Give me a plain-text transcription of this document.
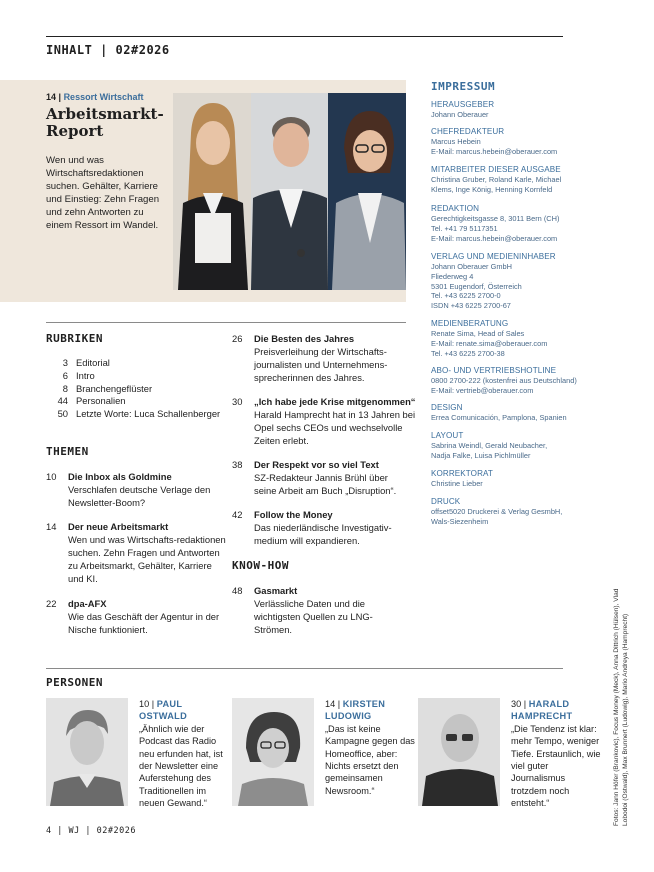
INHALT | 02#2026
14 | Ressort Wirtschaft
Arbeitsmarkt-Report
Wen und was Wirtschaftsredaktionen suchen. Gehälter, Karriere und Einstieg: Zehn Fragen und zehn Antworten zu einem Ressort im Wandel.
IMPRESSUM
HERAUSGEBER
Johann Oberauer
CHEFREDAKTEUR
Marcus Hebein
E-Mail: marcus.hebein@oberauer.com
MITARBEITER DIESER AUSGABE
Christina Gruber, Roland Karle, Michael
Klems, Inge König, Henning Kornfeld
REDAKTION
Gerechtigkeitsgasse 8, 3011 Bern (CH)
Tel. +41 79 5117351
E-Mail: marcus.hebein@oberauer.com
VERLAG UND MEDIENINHABER
Johann Oberauer GmbH
Fliederweg 4
5301 Eugendorf, Österreich
Tel. +43 6225 2700-0
ISDN +43 6225 2700-67
MEDIENBERATUNG
Renate Sima, Head of Sales
E-Mail: renate.sima@oberauer.com
Tel. +43 6225 2700-38
ABO- UND VERTRIEBSHOTLINE
0800 2700-222 (kostenfrei aus Deutschland)
E-Mail: vertrieb@oberauer.com
DESIGN
Errea Comunicación, Pamplona, Spanien
LAYOUT
Sabrina Weindl, Gerald Neubacher,
Nadja Falke, Luisa Pichlmüller
KORREKTORAT
Christine Lieber
DRUCK
offset5020 Druckerei & Verlag GesmbH,
Wals-Siezenheim
RUBRIKEN
3 Editorial
6 Intro
8 Branchengeflüster
44 Personalien
50 Letzte Worte: Luca Schallenberger
THEMEN
10 Die Inbox als Goldmine
Verschlafen deutsche Verlage den Newsletter-Boom?
14 Der neue Arbeitsmarkt
Wen und was Wirtschafts-redaktionen suchen. Zehn Fragen und Antworten zu Arbeitsmarkt, Gehälter, Karriere und KI.
22 dpa-AFX
Wie das Geschäft der Agentur in der Nische funktioniert.
26 Die Besten des Jahres
Preisverleihung der Wirtschafts-journalisten und Unternehmens-sprecherinnen des Jahres.
30 „Ich habe jede Krise mitgenommen“
Harald Hamprecht hat in 13 Jahren bei Opel sechs CEOs und wechselvolle Zeiten erlebt.
38 Der Respekt vor so viel Text
SZ-Redakteur Jannis Brühl über seine Arbeit am Buch „Disruption“.
42 Follow the Money
Das niederländische Investigativ-medium will expandieren.
KNOW-HOW
48 Gasmarkt
Verlässliche Daten und die wichtigsten Quellen zu LNG-Strömen.
PERSONEN
10 | PAUL OSTWALD
„Ähnlich wie der Podcast das Radio neu erfunden hat, ist der Newsletter eine Auferstehung des Traditionellen im neuen Gewand.“
14 | KIRSTEN LUDOWIG
„Das ist keine Kampagne gegen das Homeoffice, aber: Nichts ersetzt den gemeinsamen Newsroom.“
30 | HARALD HAMPRECHT
„Die Tendenz ist klar: mehr Tempo, weniger Tiefe. Erstaunlich, wie viel guter Journalismus trotzdem noch entsteht.“
4 | WJ | 02#2026
Fotos: Jann Höfer (Brankovic), Focus Money (Meck), Anna Dittrich (Hülsen), Vlad Lobodoi (Ostwald), Max Brunnert (Ludowig), Mario Andreya (Hamprecht)
